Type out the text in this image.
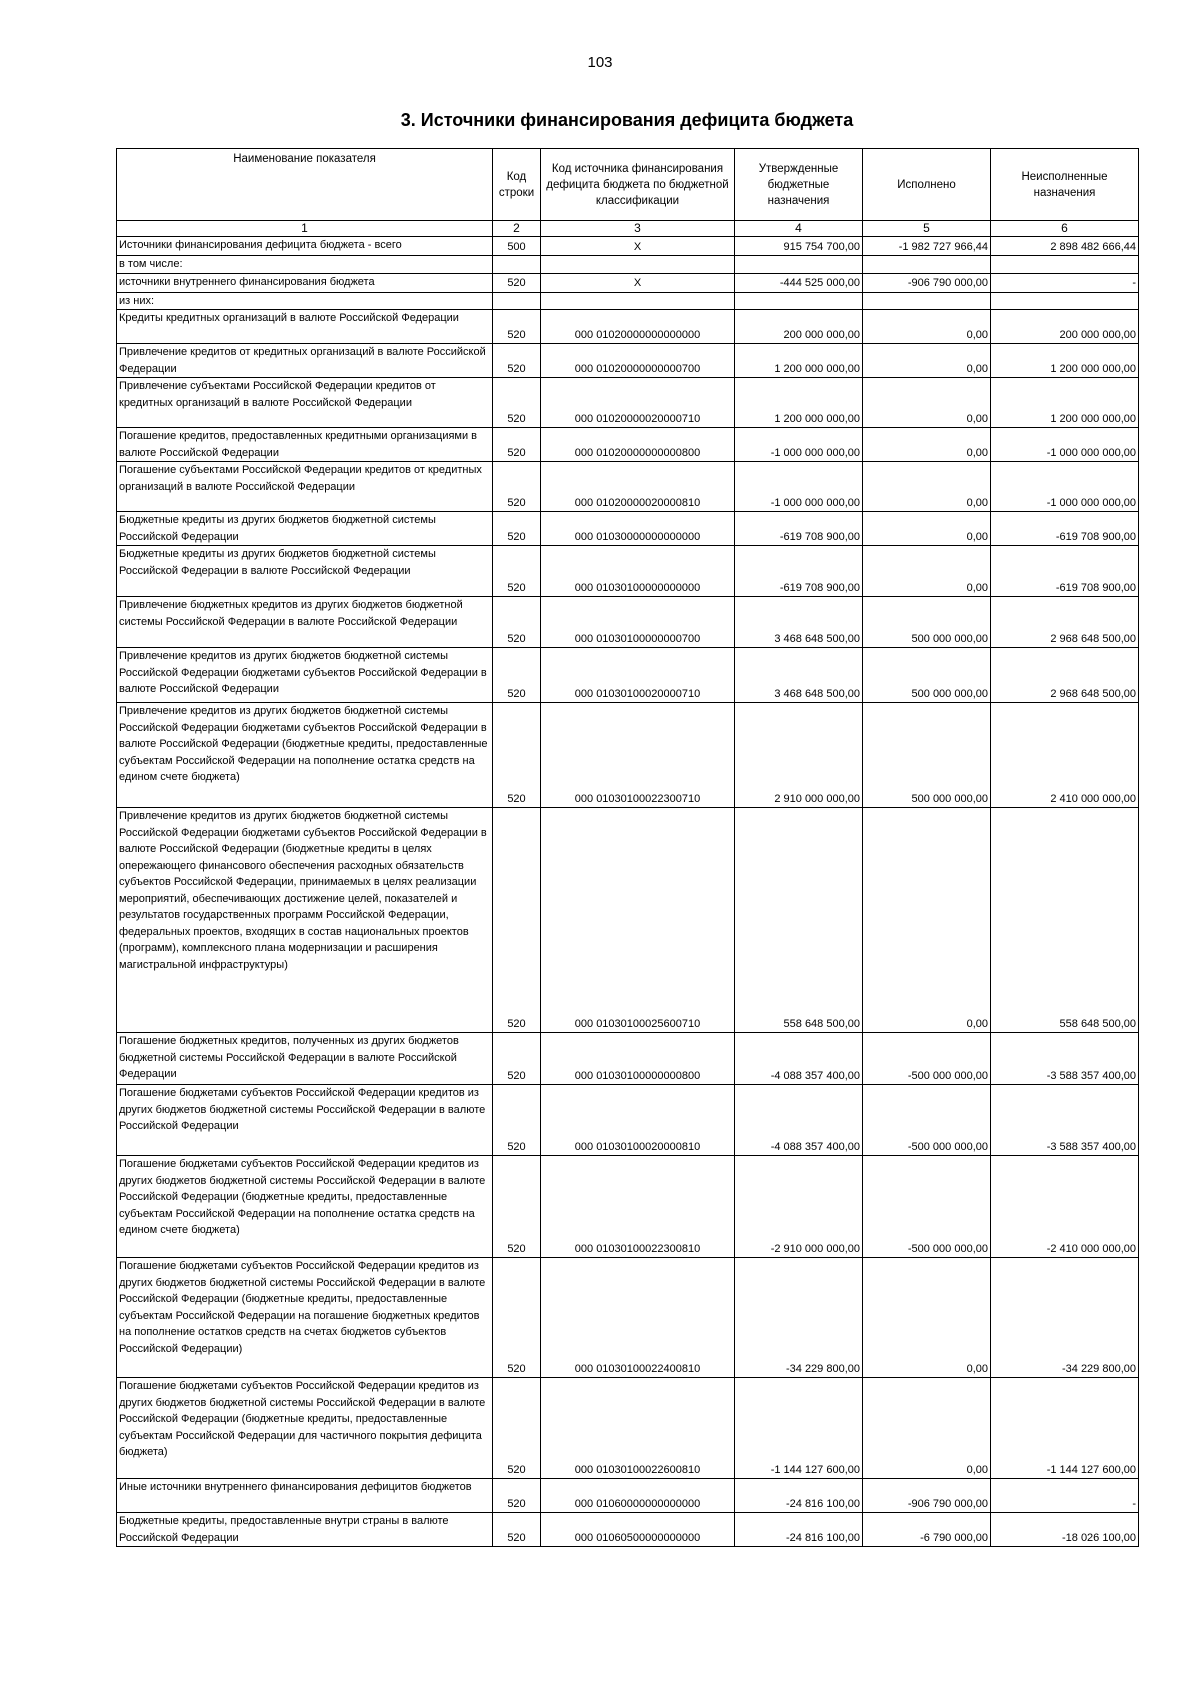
103
3. Источники финансирования дефицита бюджета
Наименование показателя	Код строки	Код источника финансирования дефицита бюджета по бюджетной классификации	Утвержденные бюджетные назначения	Исполнено	Неисполненные назначения
1	2	3	4	5	6
Источники финансирования дефицита бюджета - всего	500	X	915 754 700,00	-1 982 727 966,44	2 898 482 666,44
в том числе:					
источники внутреннего финансирования бюджета	520	X	-444 525 000,00	-906 790 000,00	-
из них:					
Кредиты кредитных организаций в валюте Российской Федерации	520	000 01020000000000000	200 000 000,00	0,00	200 000 000,00
Привлечение кредитов от кредитных организаций в валюте Российской Федерации	520	000 01020000000000700	1 200 000 000,00	0,00	1 200 000 000,00
Привлечение субъектами Российской Федерации кредитов от кредитных организаций в валюте Российской Федерации	520	000 01020000020000710	1 200 000 000,00	0,00	1 200 000 000,00
Погашение кредитов, предоставленных кредитными организациями в валюте Российской Федерации	520	000 01020000000000800	-1 000 000 000,00	0,00	-1 000 000 000,00
Погашение субъектами Российской Федерации кредитов от кредитных организаций в валюте Российской Федерации	520	000 01020000020000810	-1 000 000 000,00	0,00	-1 000 000 000,00
Бюджетные кредиты из других бюджетов бюджетной системы Российской Федерации	520	000 01030000000000000	-619 708 900,00	0,00	-619 708 900,00
Бюджетные кредиты из других бюджетов бюджетной системы Российской Федерации в валюте Российской Федерации	520	000 01030100000000000	-619 708 900,00	0,00	-619 708 900,00
Привлечение бюджетных кредитов из других бюджетов бюджетной системы Российской Федерации в валюте Российской Федерации	520	000 01030100000000700	3 468 648 500,00	500 000 000,00	2 968 648 500,00
Привлечение кредитов из других бюджетов бюджетной системы Российской Федерации бюджетами субъектов Российской Федерации в валюте Российской Федерации	520	000 01030100020000710	3 468 648 500,00	500 000 000,00	2 968 648 500,00
Привлечение кредитов из других бюджетов бюджетной системы Российской Федерации бюджетами субъектов Российской Федерации в валюте Российской Федерации (бюджетные кредиты, предоставленные субъектам Российской Федерации на пополнение остатка средств на едином счете бюджета)	520	000 01030100022300710	2 910 000 000,00	500 000 000,00	2 410 000 000,00
Привлечение кредитов из других бюджетов бюджетной системы Российской Федерации бюджетами субъектов Российской Федерации в валюте Российской Федерации (бюджетные кредиты в целях опережающего финансового обеспечения расходных обязательств субъектов Российской Федерации, принимаемых в целях реализации мероприятий, обеспечивающих достижение целей, показателей и результатов государственных программ Российской Федерации, федеральных проектов, входящих в состав национальных проектов (программ), комплексного плана модернизации и расширения магистральной инфраструктуры)	520	000 01030100025600710	558 648 500,00	0,00	558 648 500,00
Погашение бюджетных кредитов, полученных из других бюджетов бюджетной системы Российской Федерации в валюте Российской Федерации	520	000 01030100000000800	-4 088 357 400,00	-500 000 000,00	-3 588 357 400,00
Погашение бюджетами субъектов Российской Федерации кредитов из других бюджетов бюджетной системы Российской Федерации в валюте Российской Федерации	520	000 01030100020000810	-4 088 357 400,00	-500 000 000,00	-3 588 357 400,00
Погашение бюджетами субъектов Российской Федерации кредитов из других бюджетов бюджетной системы Российской Федерации в валюте Российской Федерации (бюджетные кредиты, предоставленные субъектам Российской Федерации на пополнение остатка средств на едином счете бюджета)	520	000 01030100022300810	-2 910 000 000,00	-500 000 000,00	-2 410 000 000,00
Погашение бюджетами субъектов Российской Федерации кредитов из других бюджетов бюджетной системы Российской Федерации в валюте Российской Федерации (бюджетные кредиты, предоставленные субъектам Российской Федерации на погашение бюджетных кредитов на пополнение остатков средств на счетах бюджетов субъектов Российской Федерации)	520	000 01030100022400810	-34 229 800,00	0,00	-34 229 800,00
Погашение бюджетами субъектов Российской Федерации кредитов из других бюджетов бюджетной системы Российской Федерации в валюте Российской Федерации (бюджетные кредиты, предоставленные субъектам Российской Федерации для частичного покрытия дефицита бюджета)	520	000 01030100022600810	-1 144 127 600,00	0,00	-1 144 127 600,00
Иные источники внутреннего финансирования дефицитов бюджетов	520	000 01060000000000000	-24 816 100,00	-906 790 000,00	-
Бюджетные кредиты, предоставленные внутри страны в валюте Российской Федерации	520	000 01060500000000000	-24 816 100,00	-6 790 000,00	-18 026 100,00
